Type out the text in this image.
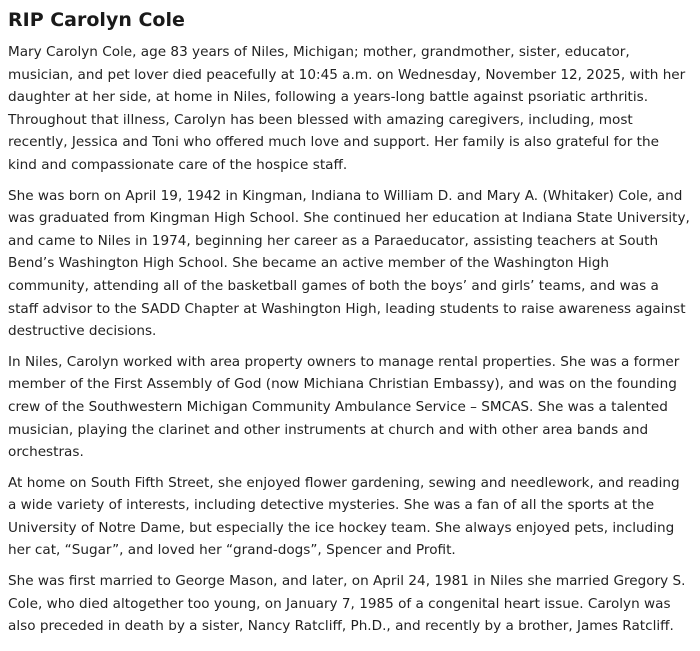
RIP Carolyn Cole

Mary Carolyn Cole, age 83 years of Niles, Michigan; mother, grandmother, sister, educator, musician, and pet lover died peacefully at 10:45 a.m. on Wednesday, November 12, 2025, with her daughter at her side, at home in Niles, following a years-long battle against psoriatic arthritis. Throughout that illness, Carolyn has been blessed with amazing caregivers, including, most recently, Jessica and Toni who offered much love and support. Her family is also grateful for the kind and compassionate care of the hospice staff.

She was born on April 19, 1942 in Kingman, Indiana to William D. and Mary A. (Whitaker) Cole, and was graduated from Kingman High School. She continued her education at Indiana State University, and came to Niles in 1974, beginning her career as a Paraeducator, assisting teachers at South Bend’s Washington High School. She became an active member of the Washington High community, attending all of the basketball games of both the boys’ and girls’ teams, and was a staff advisor to the SADD Chapter at Washington High, leading students to raise awareness against destructive decisions.

In Niles, Carolyn worked with area property owners to manage rental properties. She was a former member of the First Assembly of God (now Michiana Christian Embassy), and was on the founding crew of the Southwestern Michigan Community Ambulance Service – SMCAS. She was a talented musician, playing the clarinet and other instruments at church and with other area bands and orchestras.

At home on South Fifth Street, she enjoyed flower gardening, sewing and needlework, and reading a wide variety of interests, including detective mysteries. She was a fan of all the sports at the University of Notre Dame, but especially the ice hockey team. She always enjoyed pets, including her cat, “Sugar”, and loved her “grand-dogs”, Spencer and Profit.

She was first married to George Mason, and later, on April 24, 1981 in Niles she married Gregory S. Cole, who died altogether too young, on January 7, 1985 of a congenital heart issue. Carolyn was also preceded in death by a sister, Nancy Ratcliff, Ph.D., and recently by a brother, James Ratcliff.
